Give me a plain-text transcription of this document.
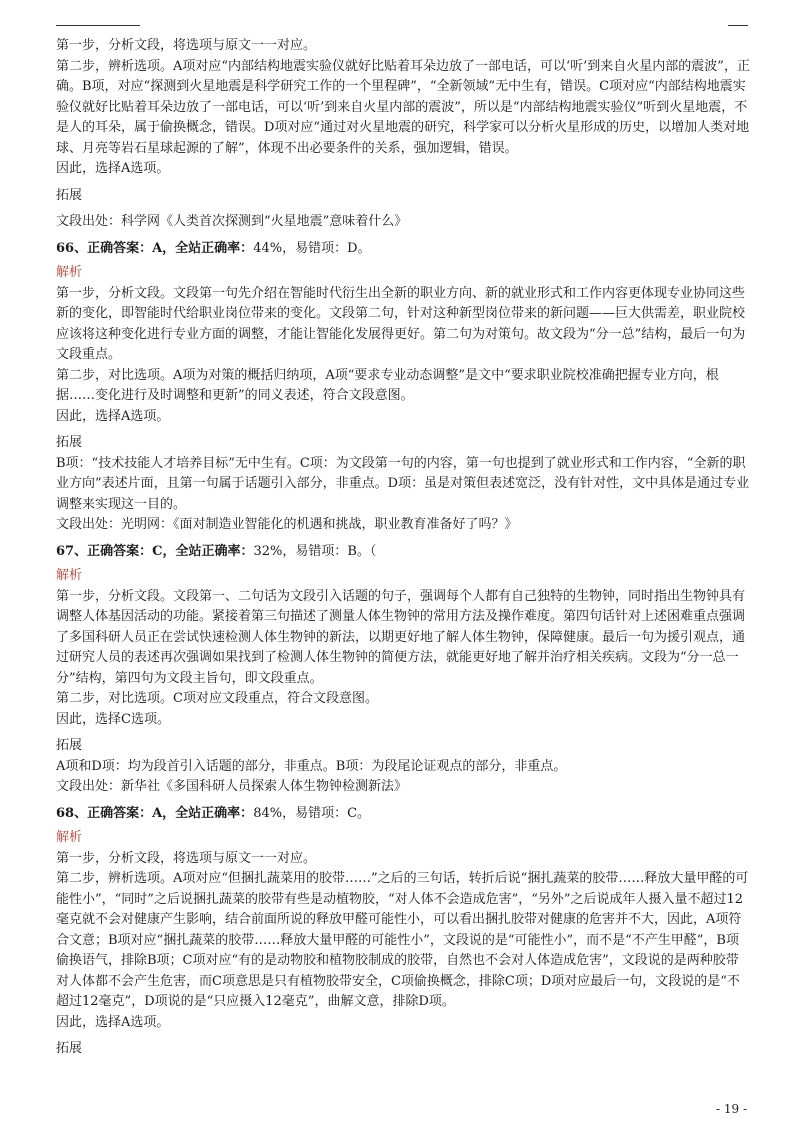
第一步，分析文段，将选项与原文一一对应。

第二步，辨析选项。A项对应“内部结构地震实验仪就好比贴着耳朵边放了一部电话，可以‘听’到来自火星内部的震波”，正确。B项，对应“探测到火星地震是科学研究工作的一个里程碑”，“全新领域”无中生有，错误。C项对应“内部结构地震实验仪就好比贴着耳朵边放了一部电话，可以‘听’到来自火星内部的震波”，所以是“内部结构地震实验仪”听到火星地震，不是人的耳朵，属于偷换概念，错误。D项对应“通过对火星地震的研究，科学家可以分析火星形成的历史，以增加人类对地球、月亮等岩石星球起源的了解”，体现不出必要条件的关系，强加逻辑，错误。

因此，选择A选项。

拓展

文段出处：科学网《人类首次探测到“火星地震”意味着什么》

66、正确答案：A，全站正确率：44%，易错项：D。

解析

第一步，分析文段。文段第一句先介绍在智能时代衍生出全新的职业方向、新的就业形式和工作内容更体现专业协同这些新的变化，即智能时代给职业岗位带来的变化。文段第二句，针对这种新型岗位带来的新问题——巨大供需差，职业院校应该将这种变化进行专业方面的调整，才能让智能化发展得更好。第二句为对策句。故文段为“分一总”结构，最后一句为文段重点。

第二步，对比选项。A项为对策的概括归纳项，A项“要求专业动态调整”是文中“要求职业院校准确把握专业方向，根据……变化进行及时调整和更新”的同义表述，符合文段意图。

因此，选择A选项。

拓展

B项：“技术技能人才培养目标”无中生有。C项：为文段第一句的内容，第一句也提到了就业形式和工作内容，“全新的职业方向”表述片面，且第一句属于话题引入部分，非重点。D项：虽是对策但表述宽泛，没有针对性，文中具体是通过专业调整来实现这一目的。

文段出处：光明网：《面对制造业智能化的机遇和挑战，职业教育准备好了吗？》

67、正确答案：C，全站正确率：32%，易错项：B。（

解析

第一步，分析文段。文段第一、二句话为文段引入话题的句子，强调每个人都有自己独特的生物钟，同时指出生物钟具有调整人体基因活动的功能。紧接着第三句描述了测量人体生物钟的常用方法及操作难度。第四句话针对上述困难重点强调了多国科研人员正在尝试快速检测人体生物钟的新法，以期更好地了解人体生物钟，保障健康。最后一句为援引观点，通过研究人员的表述再次强调如果找到了检测人体生物钟的简便方法，就能更好地了解并治疗相关疾病。文段为“分一总一分”结构，第四句为文段主旨句，即文段重点。

第二步，对比选项。C项对应文段重点，符合文段意图。

因此，选择C选项。

拓展

A项和D项：均为段首引入话题的部分，非重点。B项：为段尾论证观点的部分，非重点。

文段出处：新华社《多国科研人员探索人体生物钟检测新法》

68、正确答案：A，全站正确率：84%，易错项：C。

解析

第一步，分析文段，将选项与原文一一对应。

第二步，辨析选项。A项对应“但捆扎蔬菜用的胶带……”之后的三句话，转折后说“捆扎蔬菜的胶带……释放大量甲醛的可能性小”，“同时”之后说捆扎蔬菜的胶带有些是动植物胶，“对人体不会造成危害”，“另外”之后说成年人摄入量不超过12毫克就不会对健康产生影响，结合前面所说的释放甲醛可能性小，可以看出捆扎胶带对健康的危害并不大，因此，A项符合文意；B项对应“捆扎蔬菜的胶带……释放大量甲醛的可能性小”，文段说的是“可能性小”，而不是“不产生甲醛”，B项偷换语气，排除B项；C项对应“有的是动物胶和植物胶制成的胶带，自然也不会对人体造成危害”，文段说的是两种胶带对人体都不会产生危害，而C项意思是只有植物胶带安全，C项偷换概念，排除C项；D项对应最后一句，文段说的是“不超过12毫克”，D项说的是“只应摄入12毫克”，曲解文意，排除D项。

因此，选择A选项。

拓展

- 19 -
